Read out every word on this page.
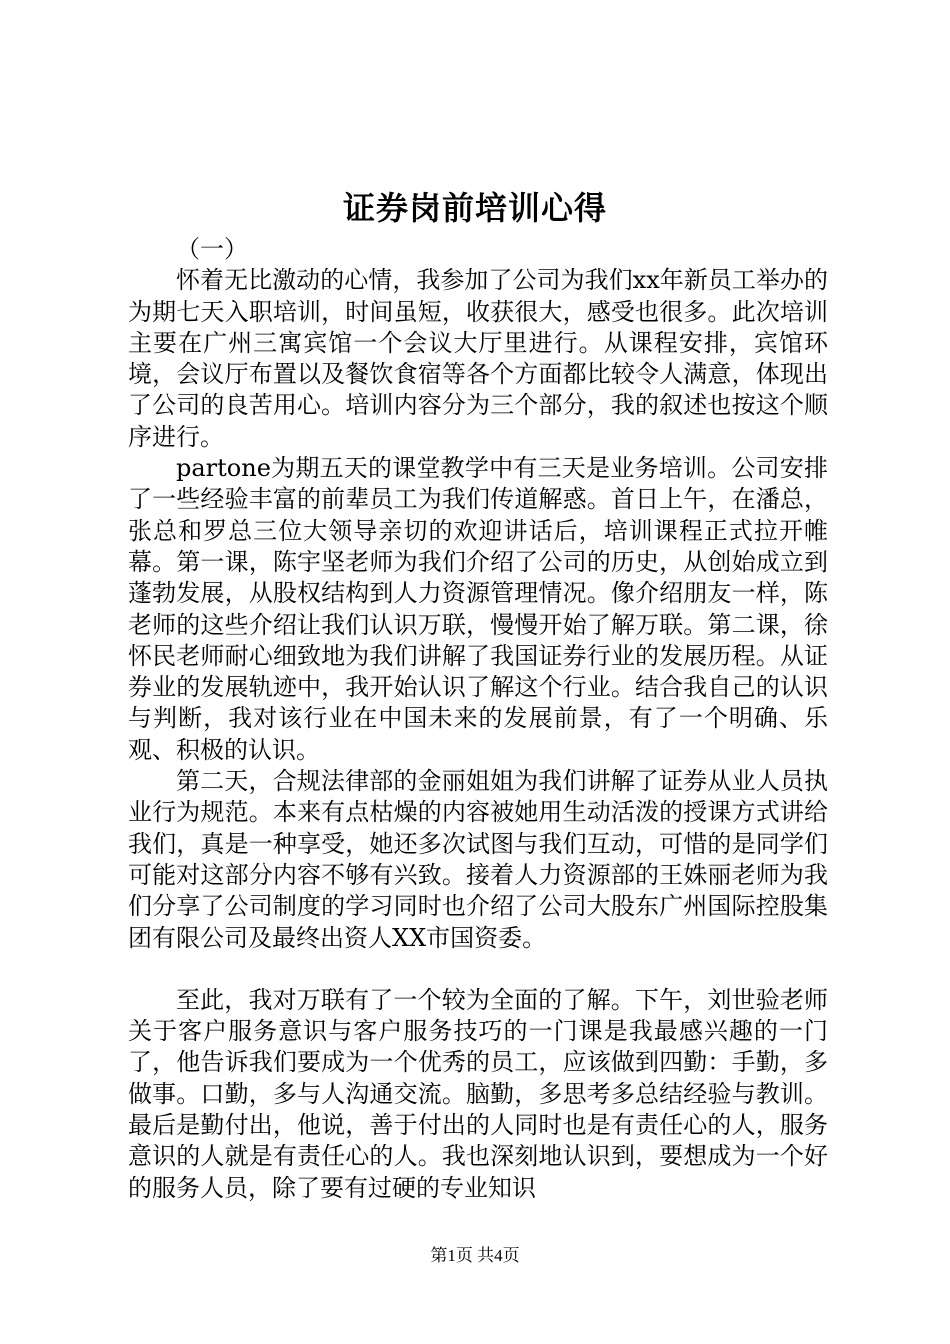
证券岗前培训心得

（一）

怀着无比激动的心情，我参加了公司为我们xx年新员工举办的为期七天入职培训，时间虽短，收获很大，感受也很多。此次培训主要在广州三寓宾馆一个会议大厅里进行。从课程安排，宾馆环境，会议厅布置以及餐饮食宿等各个方面都比较令人满意，体现出了公司的良苦用心。培训内容分为三个部分，我的叙述也按这个顺序进行。

partone为期五天的课堂教学中有三天是业务培训。公司安排了一些经验丰富的前辈员工为我们传道解惑。首日上午，在潘总，张总和罗总三位大领导亲切的欢迎讲话后，培训课程正式拉开帷幕。第一课，陈宇坚老师为我们介绍了公司的历史，从创始成立到蓬勃发展，从股权结构到人力资源管理情况。像介绍朋友一样，陈老师的这些介绍让我们认识万联，慢慢开始了解万联。第二课，徐怀民老师耐心细致地为我们讲解了我国证券行业的发展历程。从证券业的发展轨迹中，我开始认识了解这个行业。结合我自己的认识与判断，我对该行业在中国未来的发展前景，有了一个明确、乐观、积极的认识。

第二天，合规法律部的金丽姐姐为我们讲解了证券从业人员执业行为规范。本来有点枯燥的内容被她用生动活泼的授课方式讲给我们，真是一种享受，她还多次试图与我们互动，可惜的是同学们可能对这部分内容不够有兴致。接着人力资源部的王姝丽老师为我们分享了公司制度的学习同时也介绍了公司大股东广州国际控股集团有限公司及最终出资人XX市国资委。

至此，我对万联有了一个较为全面的了解。下午，刘世验老师关于客户服务意识与客户服务技巧的一门课是我最感兴趣的一门了，他告诉我们要成为一个优秀的员工，应该做到四勤：手勤，多做事。口勤，多与人沟通交流。脑勤，多思考多总结经验与教训。最后是勤付出，他说，善于付出的人同时也是有责任心的人，服务意识的人就是有责任心的人。我也深刻地认识到，要想成为一个好的服务人员，除了要有过硬的专业知识

第1页 共4页
